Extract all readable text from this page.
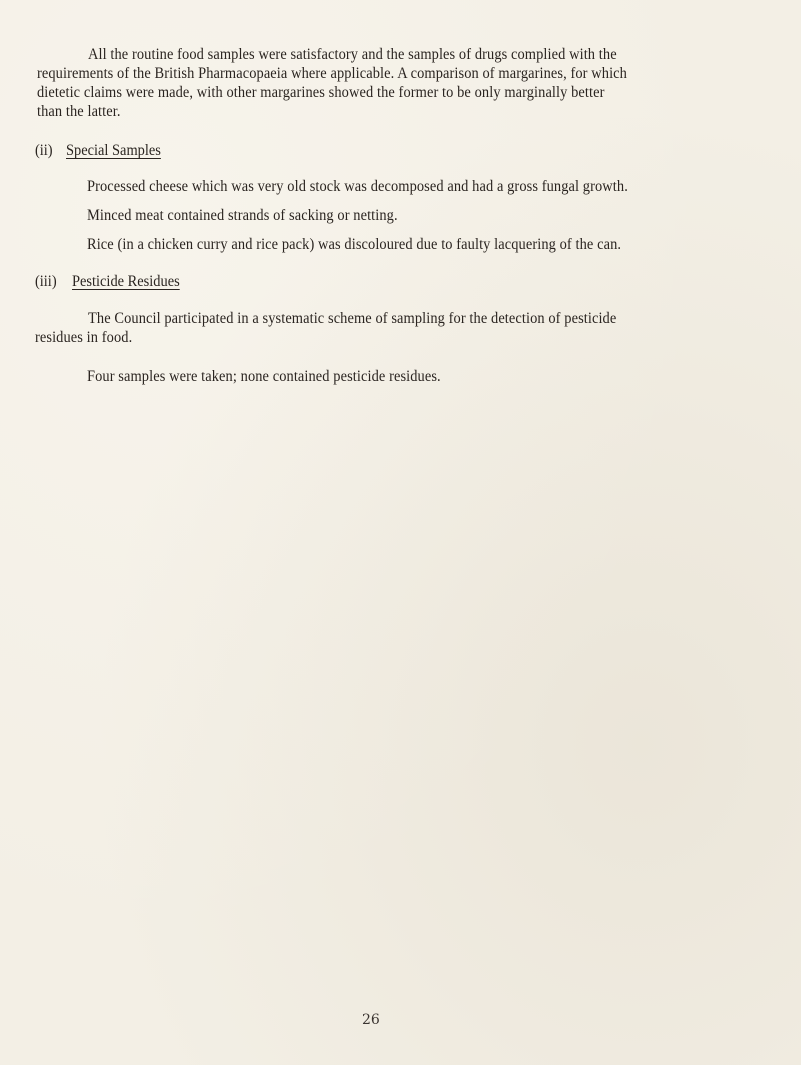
All the routine food samples were satisfactory and the samples of drugs complied with the
requirements of the British Pharmacopaeia where applicable. A comparison of margarines, for which
dietetic claims were made, with other margarines showed the former to be only marginally better
than the latter.
(ii) Special Samples
Processed cheese which was very old stock was decomposed and had a gross fungal growth.
Minced meat contained strands of sacking or netting.
Rice (in a chicken curry and rice pack) was discoloured due to faulty lacquering of the can.
(iii) Pesticide Residues
The Council participated in a systematic scheme of sampling for the detection of pesticide
residues in food.
Four samples were taken; none contained pesticide residues.
26
